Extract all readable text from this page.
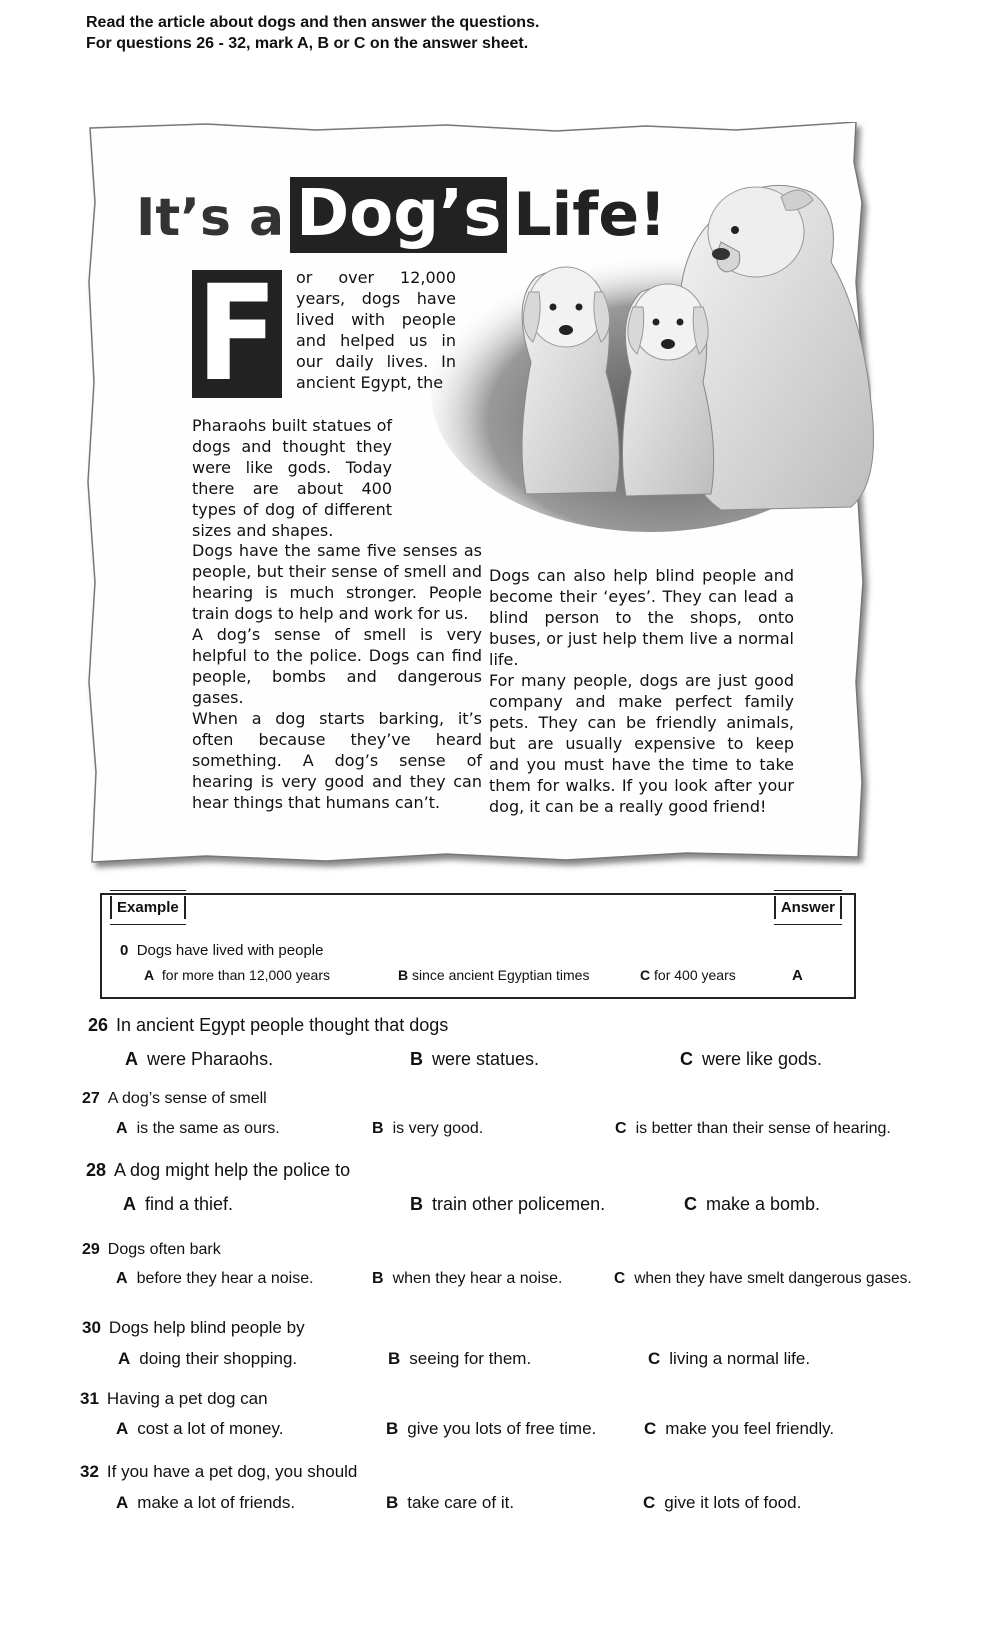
Read the article about dogs and then answer the questions.
For questions 26 - 32, mark A, B or C on the answer sheet.
It’s a Dog’s Life!
F or over 12,000 years, dogs have lived with people and helped us in our daily lives. In ancient Egypt, the
Pharaohs built statues of dogs and thought they were like gods. Today there are about 400 types of dog of different sizes and shapes.

Dogs have the same five senses as people, but their sense of smell and hearing is much stronger. People train dogs to help and work for us.

A dog’s sense of smell is very helpful to the police. Dogs can find people, bombs and dangerous gases.

When a dog starts barking, it’s often because they’ve heard something. A dog’s sense of hearing is very good and they can hear things that humans can’t.

Dogs can also help blind people and become their ‘eyes’. They can lead a blind person to the shops, onto buses, or just help them live a normal life.

For many people, dogs are just good company and make perfect family pets. They can be friendly animals, but are usually expensive to keep and you must have the time to take them for walks. If you look after your dog, it can be a really good friend!

Example	Answer
0 Dogs have lived with people
A for more than 12,000 years	B since ancient Egyptian times	C for 400 years	A
26 In ancient Egypt people thought that dogs
A were Pharaohs.	B were statues.	C were like gods.
27 A dog’s sense of smell
A is the same as ours.	B is very good.	C is better than their sense of hearing.
28 A dog might help the police to
A find a thief.	B train other policemen.	C make a bomb.
29 Dogs often bark
A before they hear a noise.	B when they hear a noise.	C when they have smelt dangerous gases.
30 Dogs help blind people by
A doing their shopping.	B seeing for them.	C living a normal life.
31 Having a pet dog can
A cost a lot of money.	B give you lots of free time.	C make you feel friendly.
32 If you have a pet dog, you should
A make a lot of friends.	B take care of it.	C give it lots of food.
